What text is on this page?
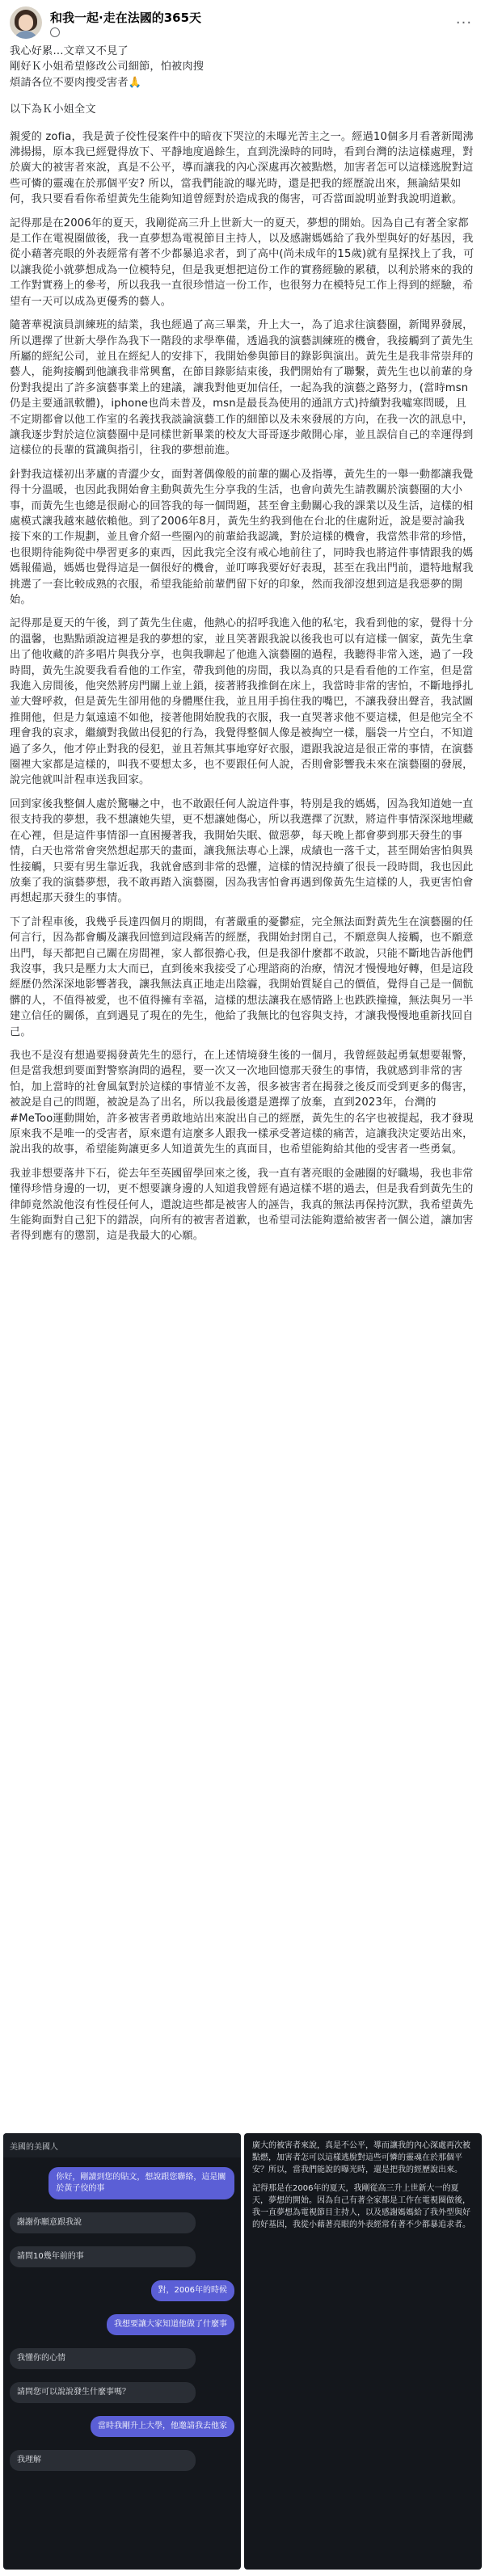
和我一起·走在法國的365天	···

我心好累…文章又不見了

剛好Ｋ小姐希望修改公司細節，怕被肉搜

煩請各位不要肉搜受害者🙏

以下為Ｋ小姐全文

親愛的 zofia，我是黃子佼性侵案件中的暗夜下哭泣的未曝光苦主之一。經過10個多月看著新聞沸沸揚揚，原本我已經覺得放下、平靜地度過餘生，直到洗澡時的同時，看到台灣的法這樣處理，對於廣大的被害者來說，真是不公平，導而讓我的內心深處再次被點燃，加害者怎可以這樣逃脫對這些可憐的靈魂在於那個平安? 所以，當我們能說的曝光時，還是把我的經歷說出來，無論結果如何，我只要看看你希望黃先生能夠知道曾經對於造成我的傷害，可否當面說明並對我說明道歉。

記得那是在2006年的夏天，我剛從高三升上世新大一的夏天，夢想的開始。因為自己有著全家都是工作在電視圈做後，我一直夢想為電視節目主持人，以及感謝媽媽給了我外型與好的好基因，我從小藉著亮眼的外表經常有著不少都暴追求者，到了高中(尚未成年的15歲)就有星探找上了我，可以讓我從小就夢想成為一位模特兒，但是我更想把這份工作的實務經驗的累積，以利於將來的我的工作對實務上的參考，所以我我一直很珍惜這一份工作，也很努力在模特兒工作上得到的經驗，希望有一天可以成為更優秀的藝人。

隨著華視演員訓練班的結業，我也經過了高三畢業，升上大一，為了追求往演藝圈，新聞界發展，所以選擇了世新大學作為我下一階段的求學準備，透過我的演藝訓練班的機會，我接觸到了黃先生所屬的經紀公司，並且在經紀人的安排下，我開始參與節目的錄影與演出。黃先生是我非常崇拜的藝人，能夠接觸到他讓我非常興奮，在節目錄影結束後，我們開始有了聯繫，黃先生也以前輩的身份對我提出了許多演藝事業上的建議，讓我對他更加信任，一起為我的演藝之路努力，(當時msn仍是主要通訊軟體)，iphone也尚未普及，msn是最長為使用的通訊方式)持續對我噓寒問暖，且不定期都會以他工作室的名義找我談論演藝工作的細節以及未來發展的方向，在我一次的訊息中，讓我逐步對於這位演藝圈中是同樣世新畢業的校友大哥哥逐步敞開心扉，並且誤信自己的幸運得到這樣位的長輩的賞識與指引，往我的夢想前進。

針對我這樣初出茅廬的青澀少女，面對著偶像般的前輩的關心及指導，黃先生的一舉一動都讓我覺得十分溫暖，也因此我開始會主動與黃先生分享我的生活，也會向黃先生請教關於演藝圈的大小事，而黃先生也總是很耐心的回答我的每一個問題，甚至會主動關心我的課業以及生活，這樣的相處模式讓我越來越依賴他。到了2006年8月，黃先生約我到他在台北的住處附近，說是要討論我接下來的工作規劃，並且會介紹一些圈內的前輩給我認識，對於這樣的機會，我當然非常的珍惜，也很期待能夠從中學習更多的東西，因此我完全沒有戒心地前往了，同時我也將這件事情跟我的媽媽報備過，媽媽也覺得這是一個很好的機會，並叮嚀我要好好表現，甚至在我出門前，還特地幫我挑選了一套比較成熟的衣服，希望我能給前輩們留下好的印象，然而我卻沒想到這是我惡夢的開始。

記得那是夏天的午後，到了黃先生住處，他熱心的招呼我進入他的私宅，我看到他的家，覺得十分的溫馨，也點點頭說這裡是我的夢想的家，並且笑著跟我說以後我也可以有這樣一個家，黃先生拿出了他收藏的許多唱片與我分享，也與我聊起了他進入演藝圈的過程，我聽得非常入迷，過了一段時間，黃先生說要我看看他的工作室，帶我到他的房間，我以為真的只是看看他的工作室，但是當我進入房間後，他突然將房門關上並上鎖，接著將我推倒在床上，我當時非常的害怕，不斷地掙扎並大聲呼救，但是黃先生卻用他的身體壓住我，並且用手摀住我的嘴巴，不讓我發出聲音，我試圖推開他，但是力氣遠遠不如他，接著他開始脫我的衣服，我一直哭著求他不要這樣，但是他完全不理會我的哀求，繼續對我做出侵犯的行為，我覺得整個人像是被掏空一樣，腦袋一片空白，不知道過了多久，他才停止對我的侵犯，並且若無其事地穿好衣服，還跟我說這是很正常的事情，在演藝圈裡大家都是這樣的，叫我不要想太多，也不要跟任何人說，否則會影響我未來在演藝圈的發展，說完他就叫計程車送我回家。

回到家後我整個人處於驚嚇之中，也不敢跟任何人說這件事，特別是我的媽媽，因為我知道她一直很支持我的夢想，我不想讓她失望，更不想讓她傷心，所以我選擇了沉默，將這件事情深深地埋藏在心裡，但是這件事情卻一直困擾著我，我開始失眠、做惡夢，每天晚上都會夢到那天發生的事情，白天也常常會突然想起那天的畫面，讓我無法專心上課，成績也一落千丈，甚至開始害怕與異性接觸，只要有男生靠近我，我就會感到非常的恐懼，這樣的情況持續了很長一段時間，我也因此放棄了我的演藝夢想，我不敢再踏入演藝圈，因為我害怕會再遇到像黃先生這樣的人，我更害怕會再想起那天發生的事情。

下了計程車後，我幾乎長達四個月的期間，有著嚴重的憂鬱症，完全無法面對黃先生在演藝圈的任何言行，因為都會觸及讓我回憶到這段痛苦的經歷，我開始封閉自己，不願意與人接觸，也不願意出門，每天都把自己關在房間裡，家人都很擔心我，但是我卻什麼都不敢說，只能不斷地告訴他們我沒事，我只是壓力太大而已，直到後來我接受了心理諮商的治療，情況才慢慢地好轉，但是這段經歷仍然深深地影響著我，讓我無法真正地走出陰霾，我開始質疑自己的價值，覺得自己是一個骯髒的人，不值得被愛，也不值得擁有幸福，這樣的想法讓我在感情路上也跌跌撞撞，無法與另一半建立信任的關係，直到遇見了現在的先生，他給了我無比的包容與支持，才讓我慢慢地重新找回自己。

我也不是沒有想過要揭發黃先生的惡行，在上述情境發生後的一個月，我曾經鼓起勇氣想要報警，但是當我想到要面對警察詢問的過程，要一次又一次地回憶那天發生的事情，我就感到非常的害怕，加上當時的社會風氣對於這樣的事情並不友善，很多被害者在揭發之後反而受到更多的傷害，被說是自己的問題，被說是為了出名，所以我最後還是選擇了放棄，直到2023年，台灣的#MeToo運動開始，許多被害者勇敢地站出來說出自己的經歷，黃先生的名字也被提起，我才發現原來我不是唯一的受害者，原來還有這麼多人跟我一樣承受著這樣的痛苦，這讓我決定要站出來，說出我的故事，希望能夠讓更多人知道黃先生的真面目，也希望能夠給其他的受害者一些勇氣。

我並非想要落井下石，從去年至英國留學回來之後，我一直有著亮眼的金融圈的好職場，我也非常懂得珍惜身邊的一切，更不想要讓身邊的人知道我曾經有過這樣不堪的過去，但是我看到黃先生的律師竟然說他沒有性侵任何人，還說這些都是被害人的誣告，我真的無法再保持沉默，我希望黃先生能夠面對自己犯下的錯誤，向所有的被害者道歉，也希望司法能夠還給被害者一個公道，讓加害者得到應有的懲罰，這是我最大的心願。

美國的美國人
你好，剛讀到您的貼文，想說跟您聯絡，這是關於黃子佼的事
謝謝你願意跟我說
請問10幾年前的事
對，2006年的時候
我想要讓大家知道他做了什麼事
我懂你的心情
請問您可以說說發生什麼事嗎？
當時我剛升上大學，他邀請我去他家
我理解

廣大的被害者來說，真是不公平，導而讓我的內心深處再次被點燃，加害者怎可以這樣逃脫對這些可憐的靈魂在於那個平安？所以，當我們能說的曝光時，還是把我的經歷說出來。

記得那是在2006年的夏天，我剛從高三升上世新大一的夏天，夢想的開始。因為自己有著全家都是工作在電視圈做後，我一直夢想為電視節目主持人，以及感謝媽媽給了我外型與好的好基因，我從小藉著亮眼的外表經常有著不少都暴追求者。
